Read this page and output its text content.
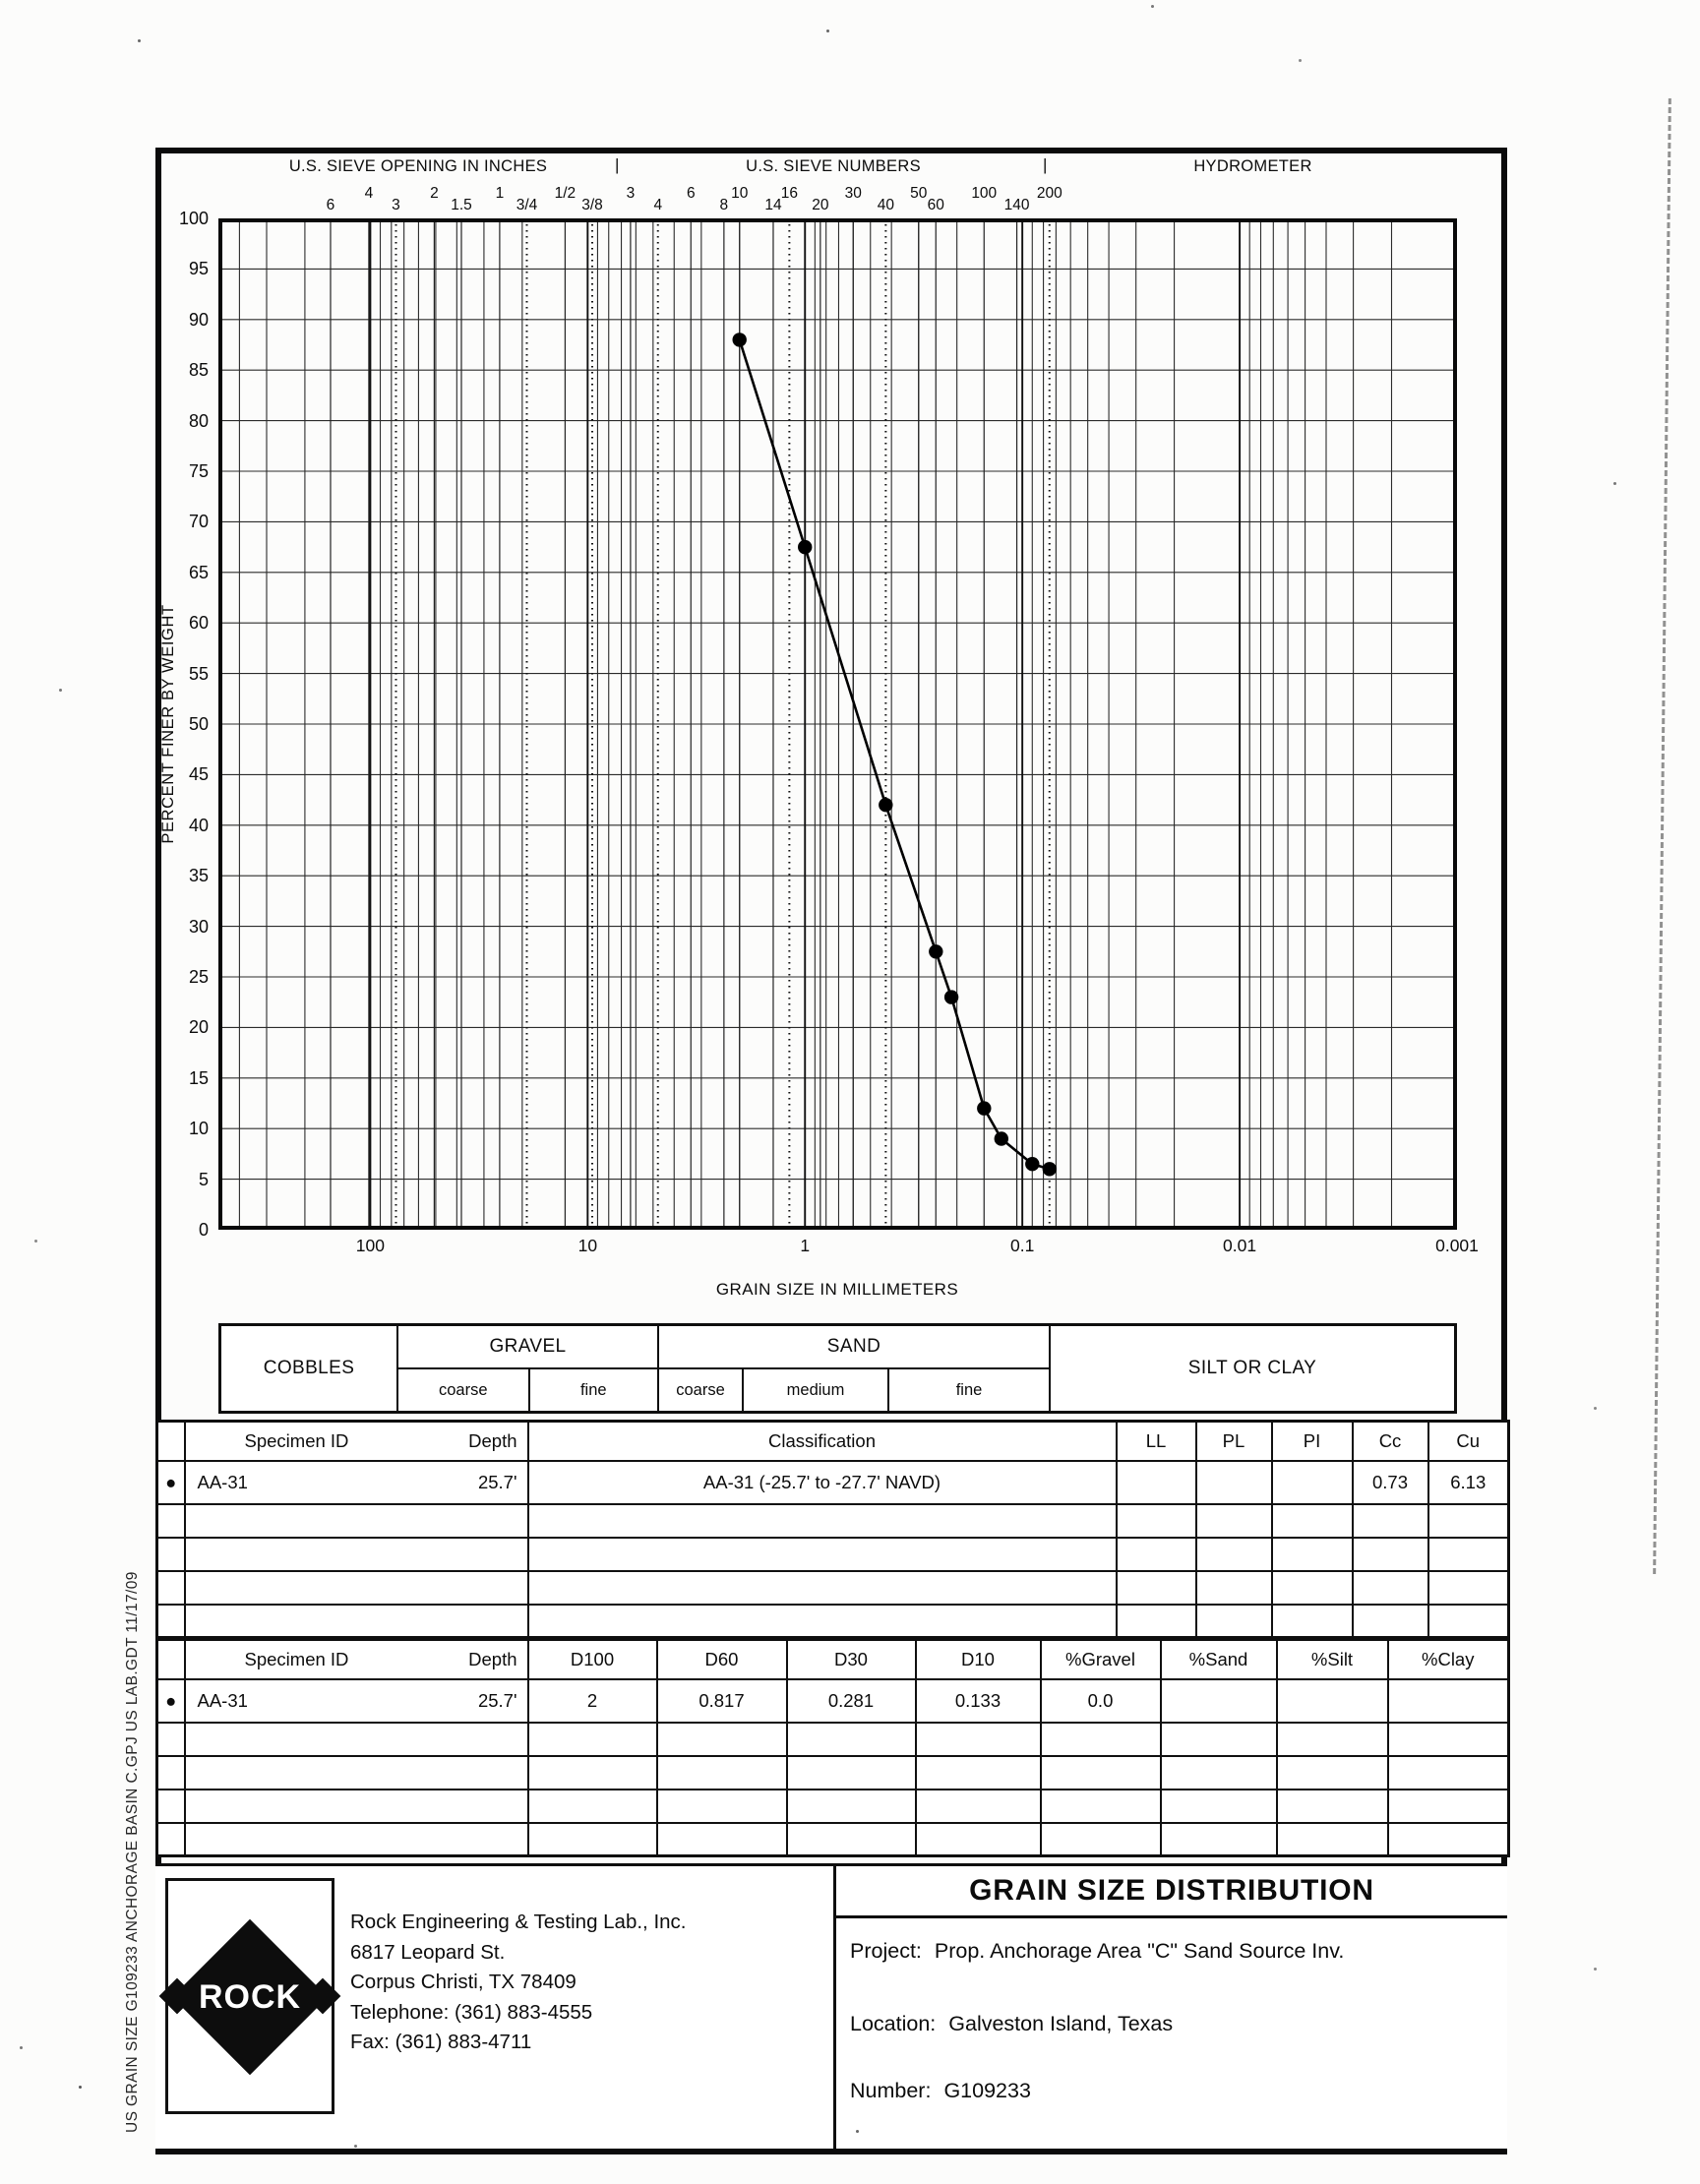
U.S. SIEVE OPENING IN INCHES	|	U.S. SIEVE NUMBERS	|	HYDROMETER
6
4
3
2
1.5
1
3/4
1/2
3/8
3
4
6
8
10
14
16
20
30
40
50
60
100
140
200
PERCENT FINER BY WEIGHT
100
95
90
85
80
75
70
65
60
55
50
45
40
35
30
25
20
15
10
5
0
100	10	1	0.1	0.01	0.001
GRAIN SIZE IN MILLIMETERS
COBBLES
GRAVEL
coarse	fine
SAND
coarse	medium	fine
SILT OR CLAY

	Specimen ID Depth	Classification	LL	PL	PI	Cc	Cu
●	AA-31 25.7'	AA-31 (-25.7' to -27.7' NAVD)				0.73	6.13

	Specimen ID Depth	D100	D60	D30	D10	%Gravel	%Sand	%Silt	%Clay
●	AA-31 25.7'	2	0.817	0.281	0.133	0.0			

ROCK
Rock Engineering & Testing Lab., Inc.
6817 Leopard St.
Corpus Christi, TX 78409
Telephone: (361) 883-4555
Fax: (361) 883-4711
GRAIN SIZE DISTRIBUTION
Project: Prop. Anchorage Area "C" Sand Source Inv.
Location: Galveston Island, Texas
Number: G109233
US GRAIN SIZE G109233 ANCHORAGE BASIN C.GPJ US LAB.GDT 11/17/09
